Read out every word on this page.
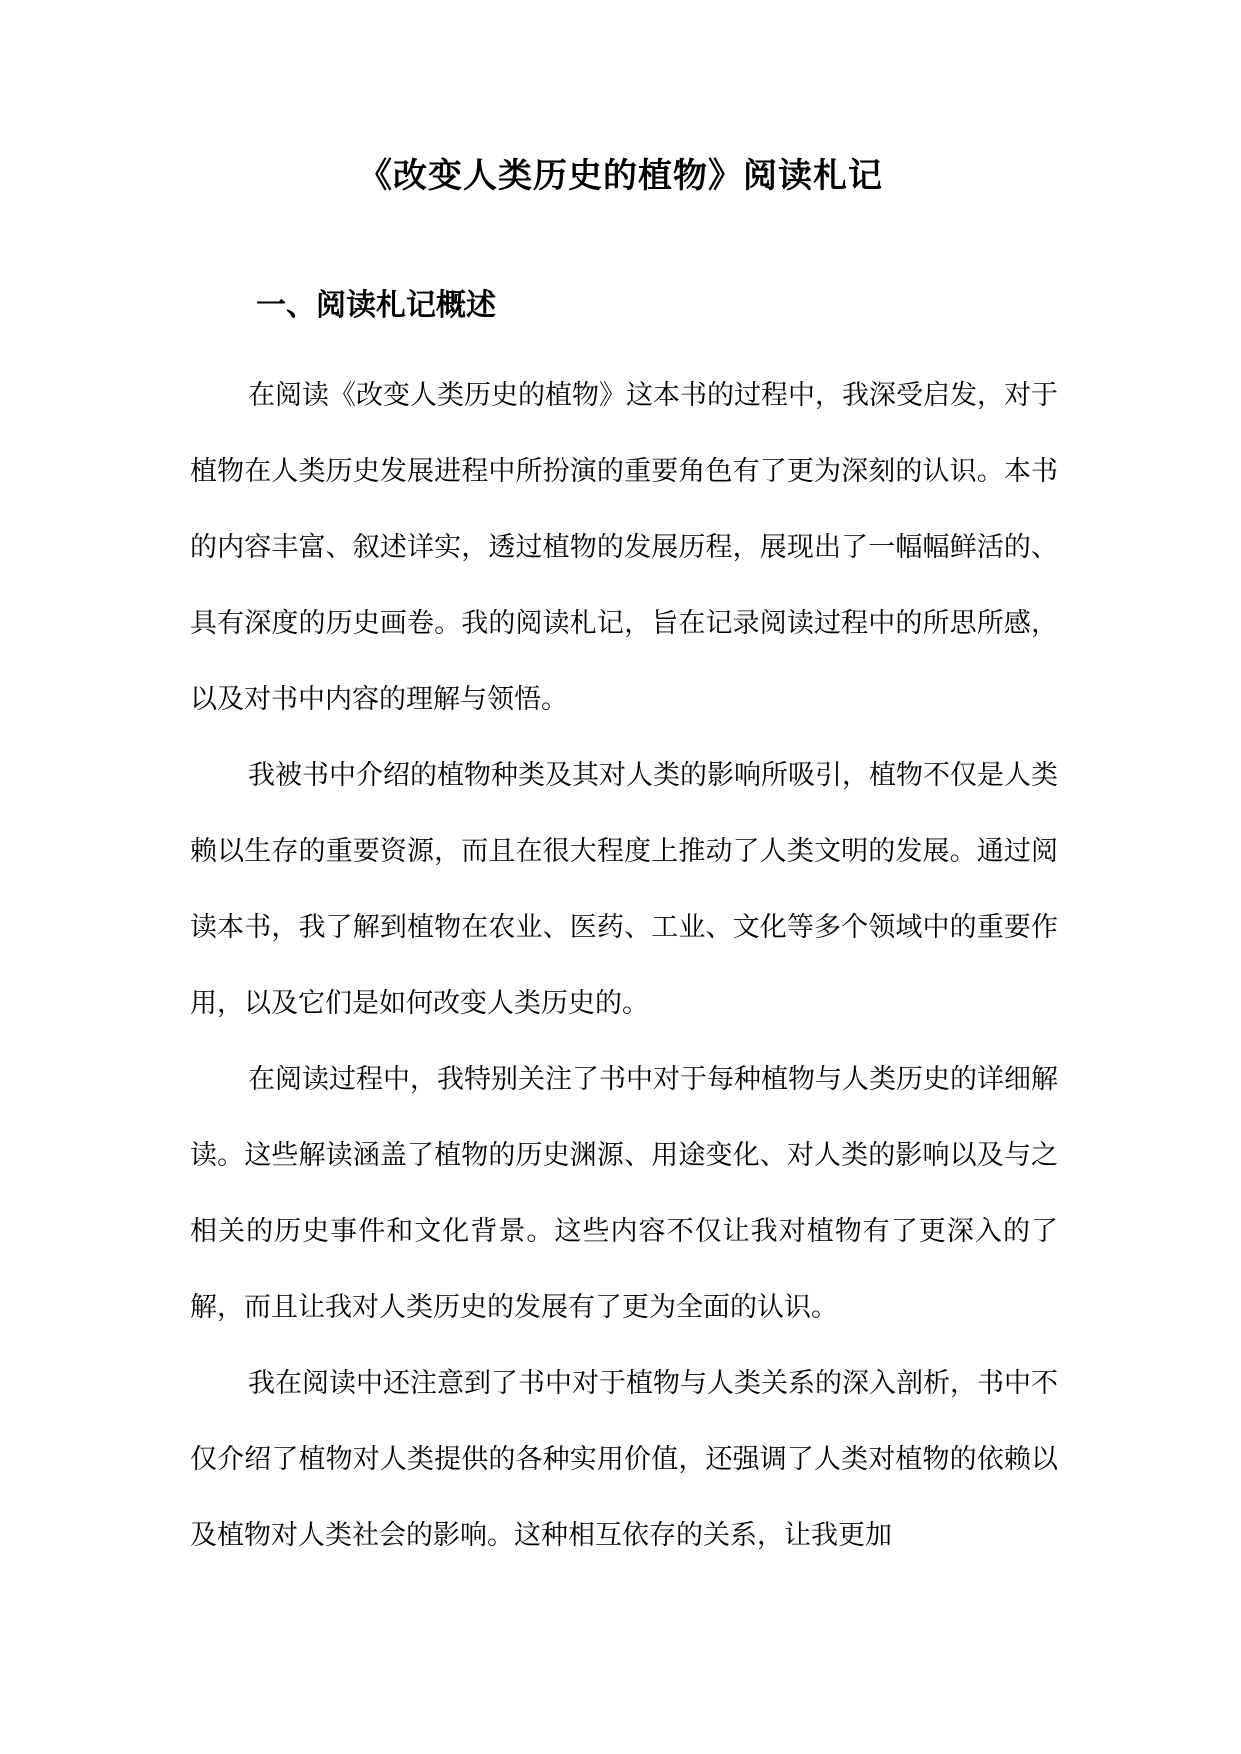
《改变人类历史的植物》阅读札记
一、阅读札记概述

在阅读《改变人类历史的植物》这本书的过程中，我深受启发，对于植物在人类历史发展进程中所扮演的重要角色有了更为深刻的认识。本书的内容丰富、叙述详实，透过植物的发展历程，展现出了一幅幅鲜活的、具有深度的历史画卷。我的阅读札记，旨在记录阅读过程中的所思所感，以及对书中内容的理解与领悟。

我被书中介绍的植物种类及其对人类的影响所吸引，植物不仅是人类赖以生存的重要资源，而且在很大程度上推动了人类文明的发展。通过阅读本书，我了解到植物在农业、医药、工业、文化等多个领域中的重要作用，以及它们是如何改变人类历史的。

在阅读过程中，我特别关注了书中对于每种植物与人类历史的详细解读。这些解读涵盖了植物的历史渊源、用途变化、对人类的影响以及与之相关的历史事件和文化背景。这些内容不仅让我对植物有了更深入的了解，而且让我对人类历史的发展有了更为全面的认识。

我在阅读中还注意到了书中对于植物与人类关系的深入剖析，书中不仅介绍了植物对人类提供的各种实用价值，还强调了人类对植物的依赖以及植物对人类社会的影响。这种相互依存的关系，让我更加
